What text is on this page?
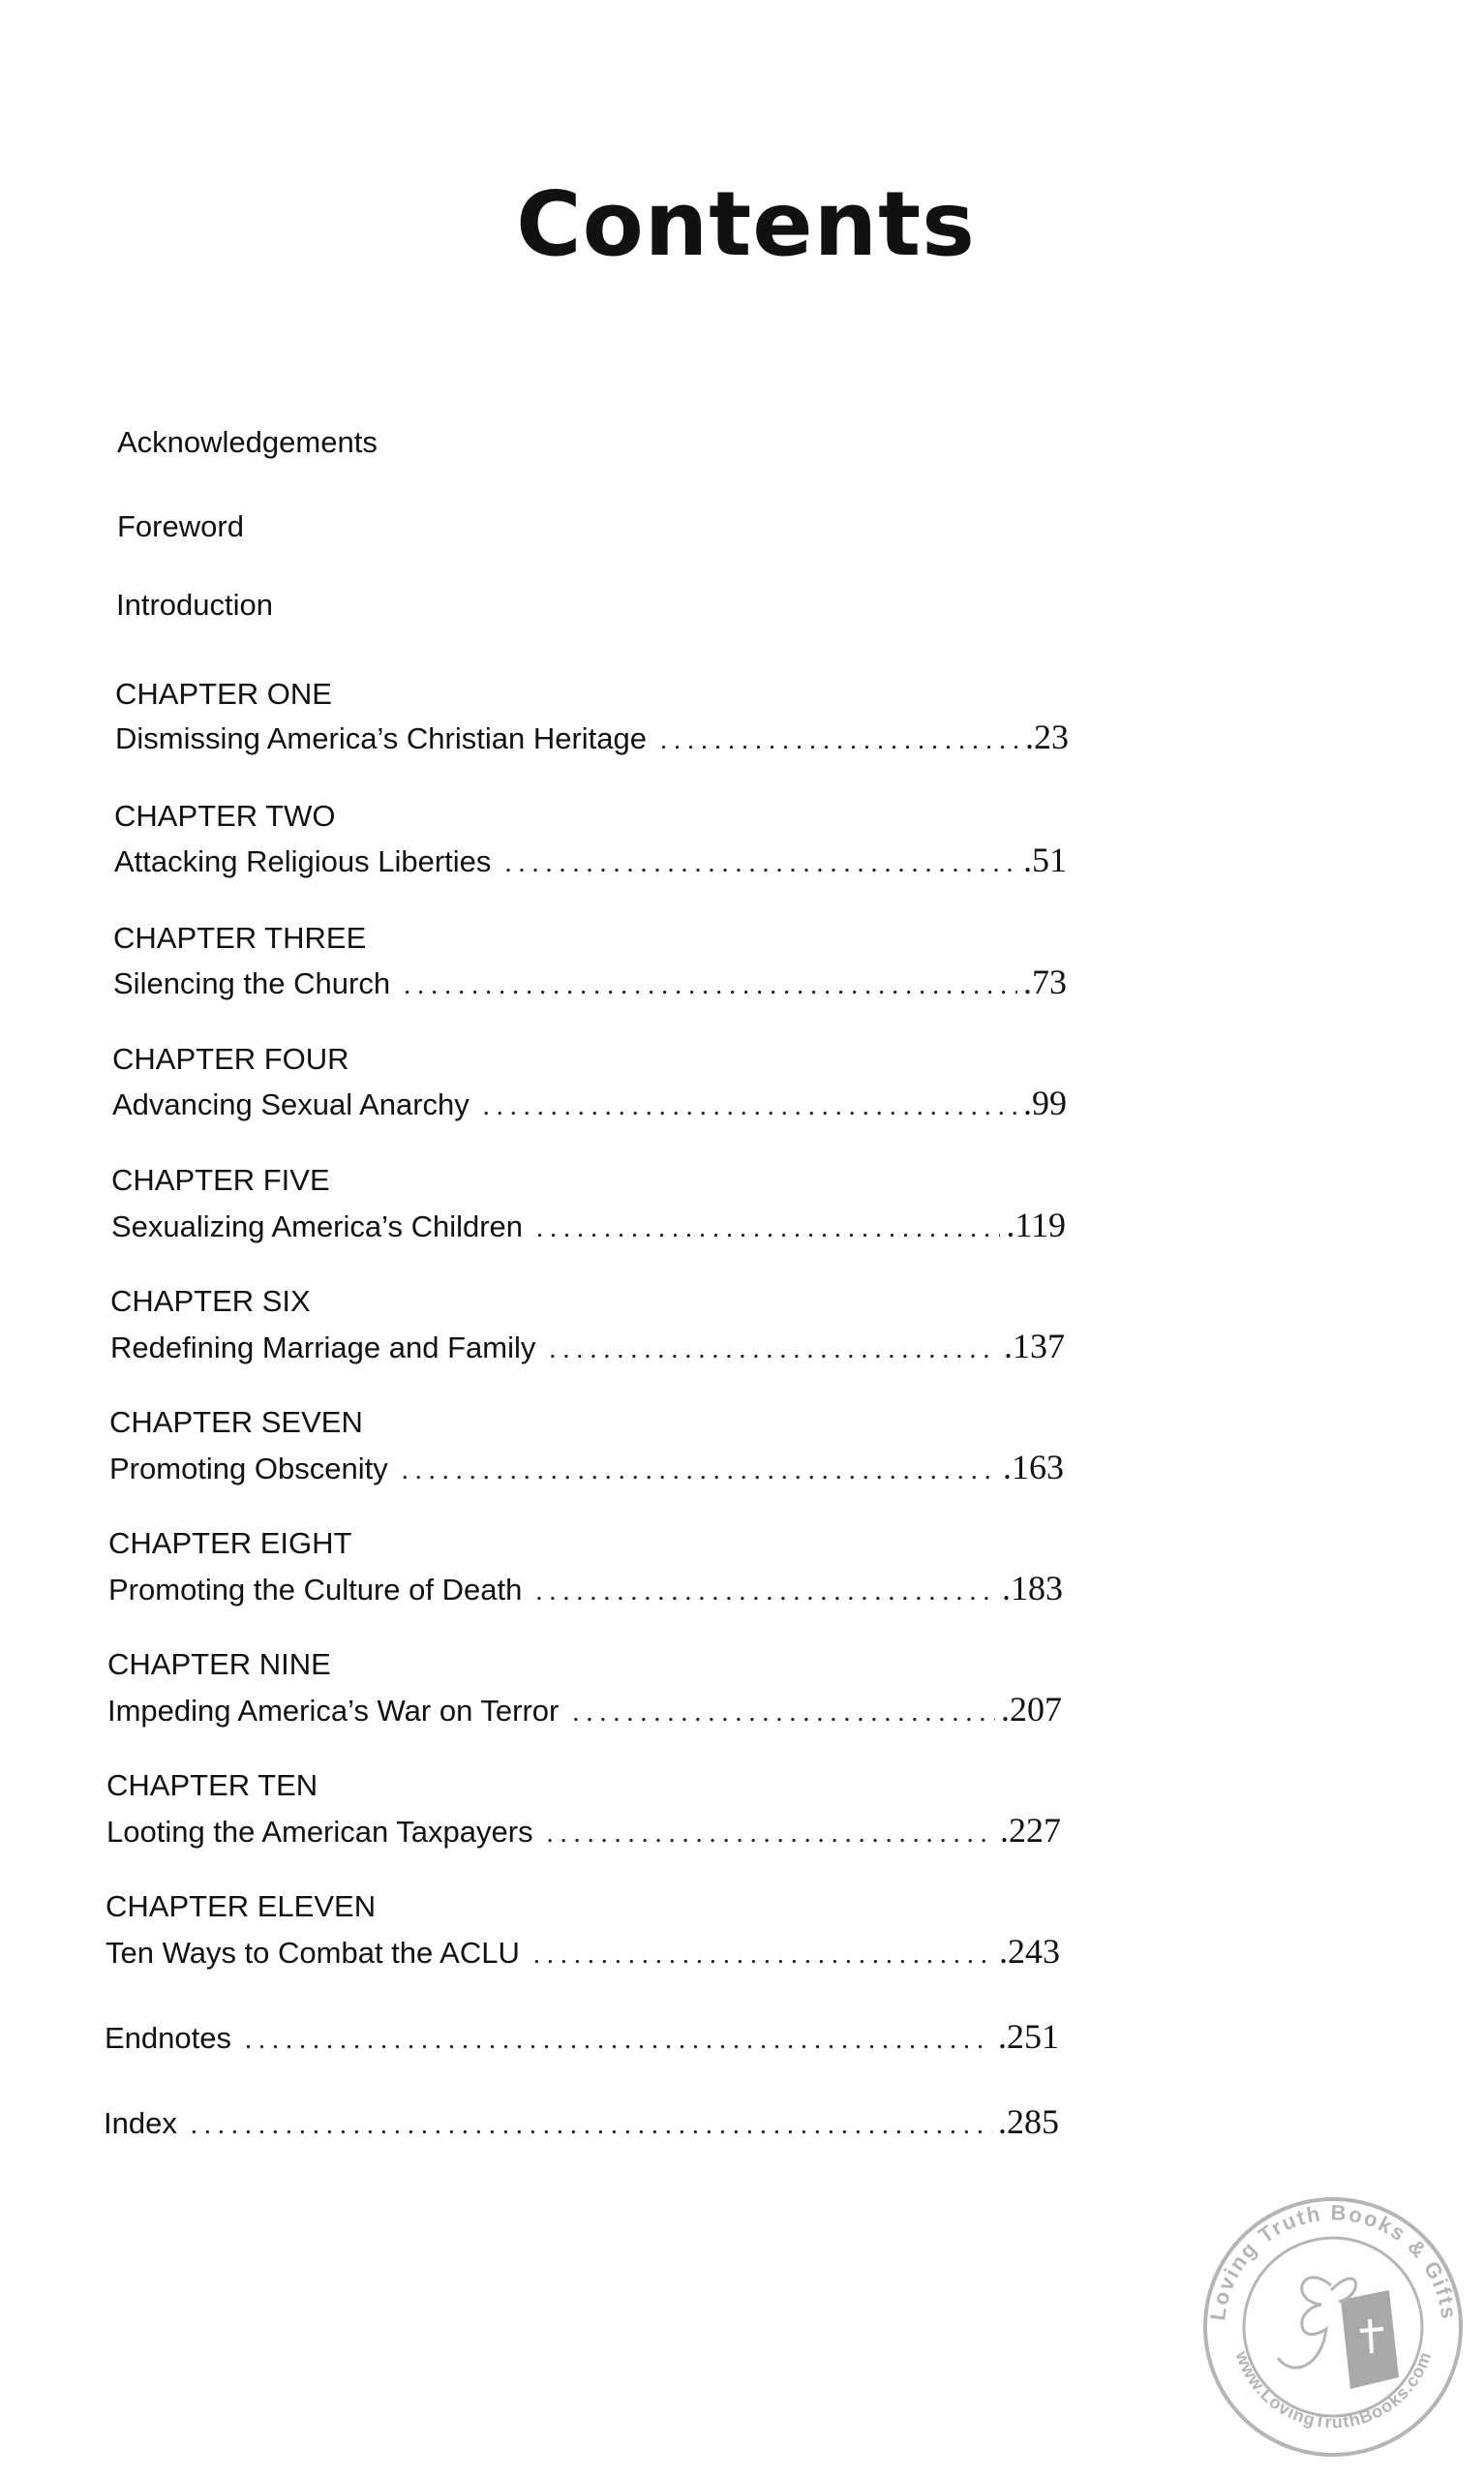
Contents
Acknowledgements
Foreword
Introduction
CHAPTER ONE
Dismissing America’s Christian Heritage . . .	.23
CHAPTER TWO
Attacking Religious Liberties . . .	.51
CHAPTER THREE
Silencing the Church . . .	.73
CHAPTER FOUR
Advancing Sexual Anarchy . . .	.99
CHAPTER FIVE
Sexualizing America’s Children . . .	.119
CHAPTER SIX
Redefining Marriage and Family . . .	.137
CHAPTER SEVEN
Promoting Obscenity . . .	.163
CHAPTER EIGHT
Promoting the Culture of Death . . .	.183
CHAPTER NINE
Impeding America’s War on Terror . . .	.207
CHAPTER TEN
Looting the American Taxpayers . . .	.227
CHAPTER ELEVEN
Ten Ways to Combat the ACLU . . .	.243
Endnotes . . .	.251
Index . . .	.285
Loving Truth Books & Gifts
www.LovingTruthBooks.com
